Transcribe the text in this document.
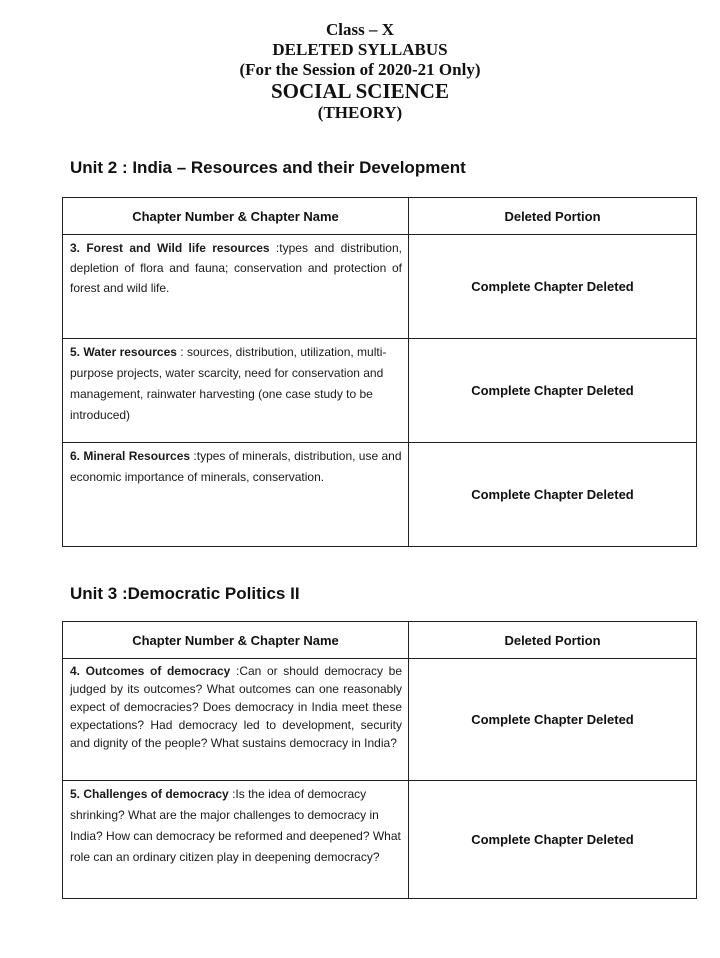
Class – X
DELETED SYLLABUS
(For the Session of 2020-21 Only)
SOCIAL SCIENCE
(THEORY)
Unit 2 : India – Resources and their Development
Chapter Number & Chapter Name	Deleted Portion
3. Forest and Wild life resources :types and distribution, depletion of flora and fauna; conservation and protection of forest and wild life.	Complete Chapter Deleted
5. Water resources : sources, distribution, utilization, multi-purpose projects, water scarcity, need for conservation and management, rainwater harvesting (one case study to be introduced)	Complete Chapter Deleted
6. Mineral Resources :types of minerals, distribution, use and economic importance of minerals, conservation.	Complete Chapter Deleted
Unit 3 :Democratic Politics II
Chapter Number & Chapter Name	Deleted Portion
4. Outcomes of democracy :Can or should democracy be judged by its outcomes? What outcomes can one reasonably expect of democracies? Does democracy in India meet these expectations? Had democracy led to development, security and dignity of the people? What sustains democracy in India?	Complete Chapter Deleted
5. Challenges of democracy :Is the idea of democracy shrinking? What are the major challenges to democracy in India? How can democracy be reformed and deepened? What role can an ordinary citizen play in deepening democracy?	Complete Chapter Deleted
